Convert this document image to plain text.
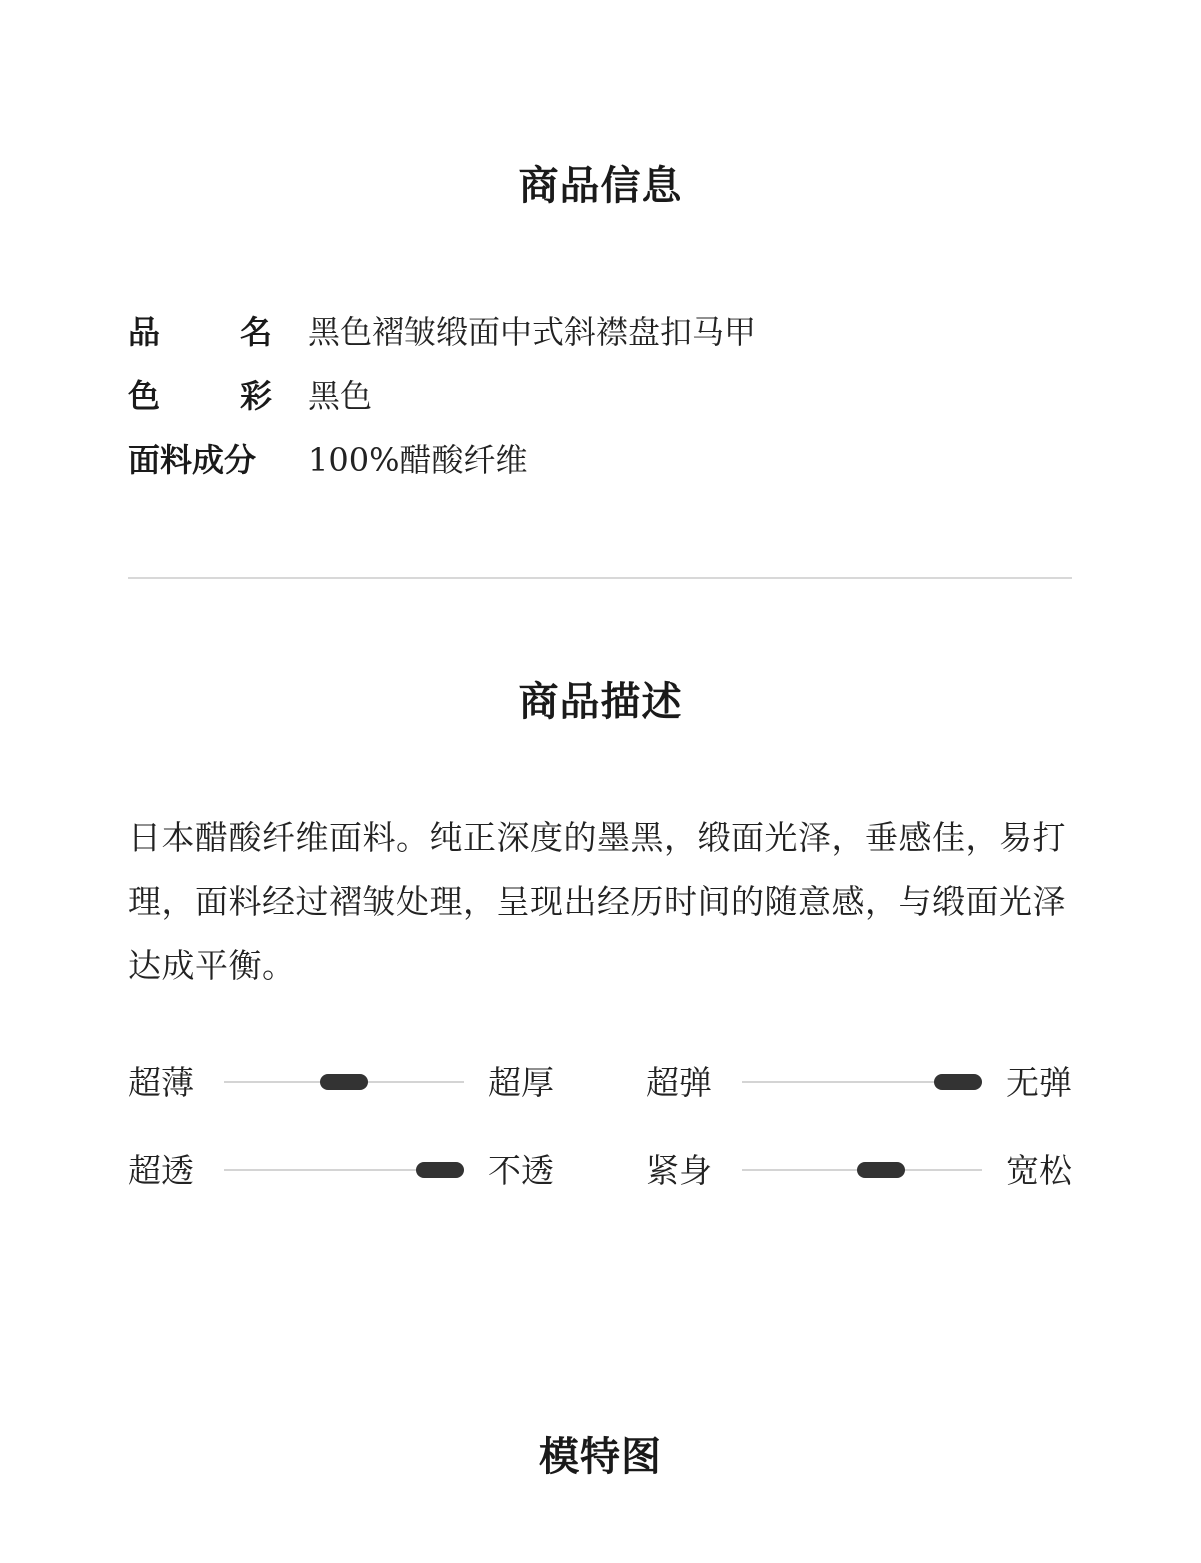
商品信息
品 名 黑色褶皱缎面中式斜襟盘扣马甲
色 彩 黑色
面料成分 100%醋酸纤维
商品描述
日本醋酸纤维面料。纯正深度的墨黑，缎面光泽，垂感佳，易打理，面料经过褶皱处理，呈现出经历时间的随意感，与缎面光泽达成平衡。
超薄	超厚	超弹	无弹
超透	不透	紧身	宽松
模特图
